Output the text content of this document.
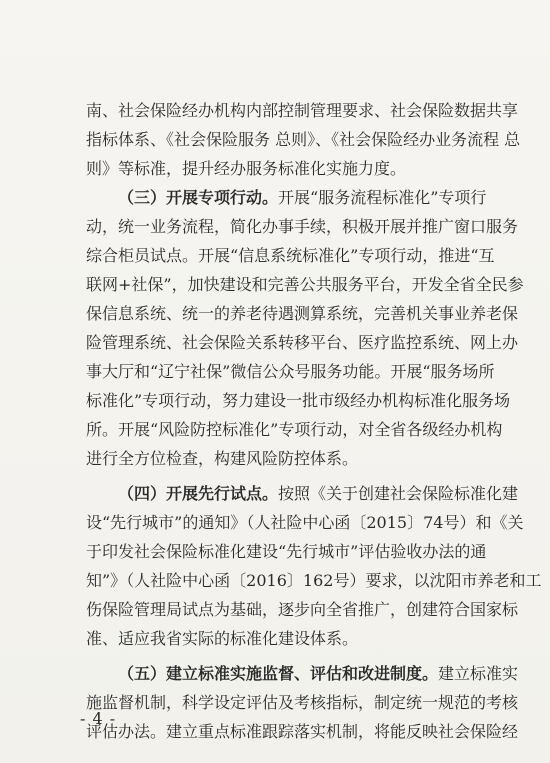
南、社会保险经办机构内部控制管理要求、社会保险数据共享
指标体系、《社会保险服务 总则》、《社会保险经办业务流程 总
则》等标准，提升经办服务标准化实施力度。
（三）开展专项行动。开展“服务流程标准化”专项行
动，统一业务流程，简化办事手续，积极开展并推广窗口服务
综合柜员试点。开展“信息系统标准化”专项行动，推进“互
联网+社保”，加快建设和完善公共服务平台，开发全省全民参
保信息系统、统一的养老待遇测算系统，完善机关事业养老保
险管理系统、社会保险关系转移平台、医疗监控系统、网上办
事大厅和“辽宁社保”微信公众号服务功能。开展“服务场所
标准化”专项行动，努力建设一批市级经办机构标准化服务场
所。开展“风险防控标准化”专项行动，对全省各级经办机构
进行全方位检查，构建风险防控体系。
（四）开展先行试点。按照《关于创建社会保险标准化建
设“先行城市”的通知》（人社险中心函〔2015〕74号）和《关
于印发社会保险标准化建设“先行城市”评估验收办法的通
知”》（人社险中心函〔2016〕162号）要求，以沈阳市养老和工
伤保险管理局试点为基础，逐步向全省推广，创建符合国家标
准、适应我省实际的标准化建设体系。
（五）建立标准实施监督、评估和改进制度。建立标准实
施监督机制，科学设定评估及考核指标，制定统一规范的考核
评估办法。建立重点标准跟踪落实机制，将能反映社会保险经
- 4 -
